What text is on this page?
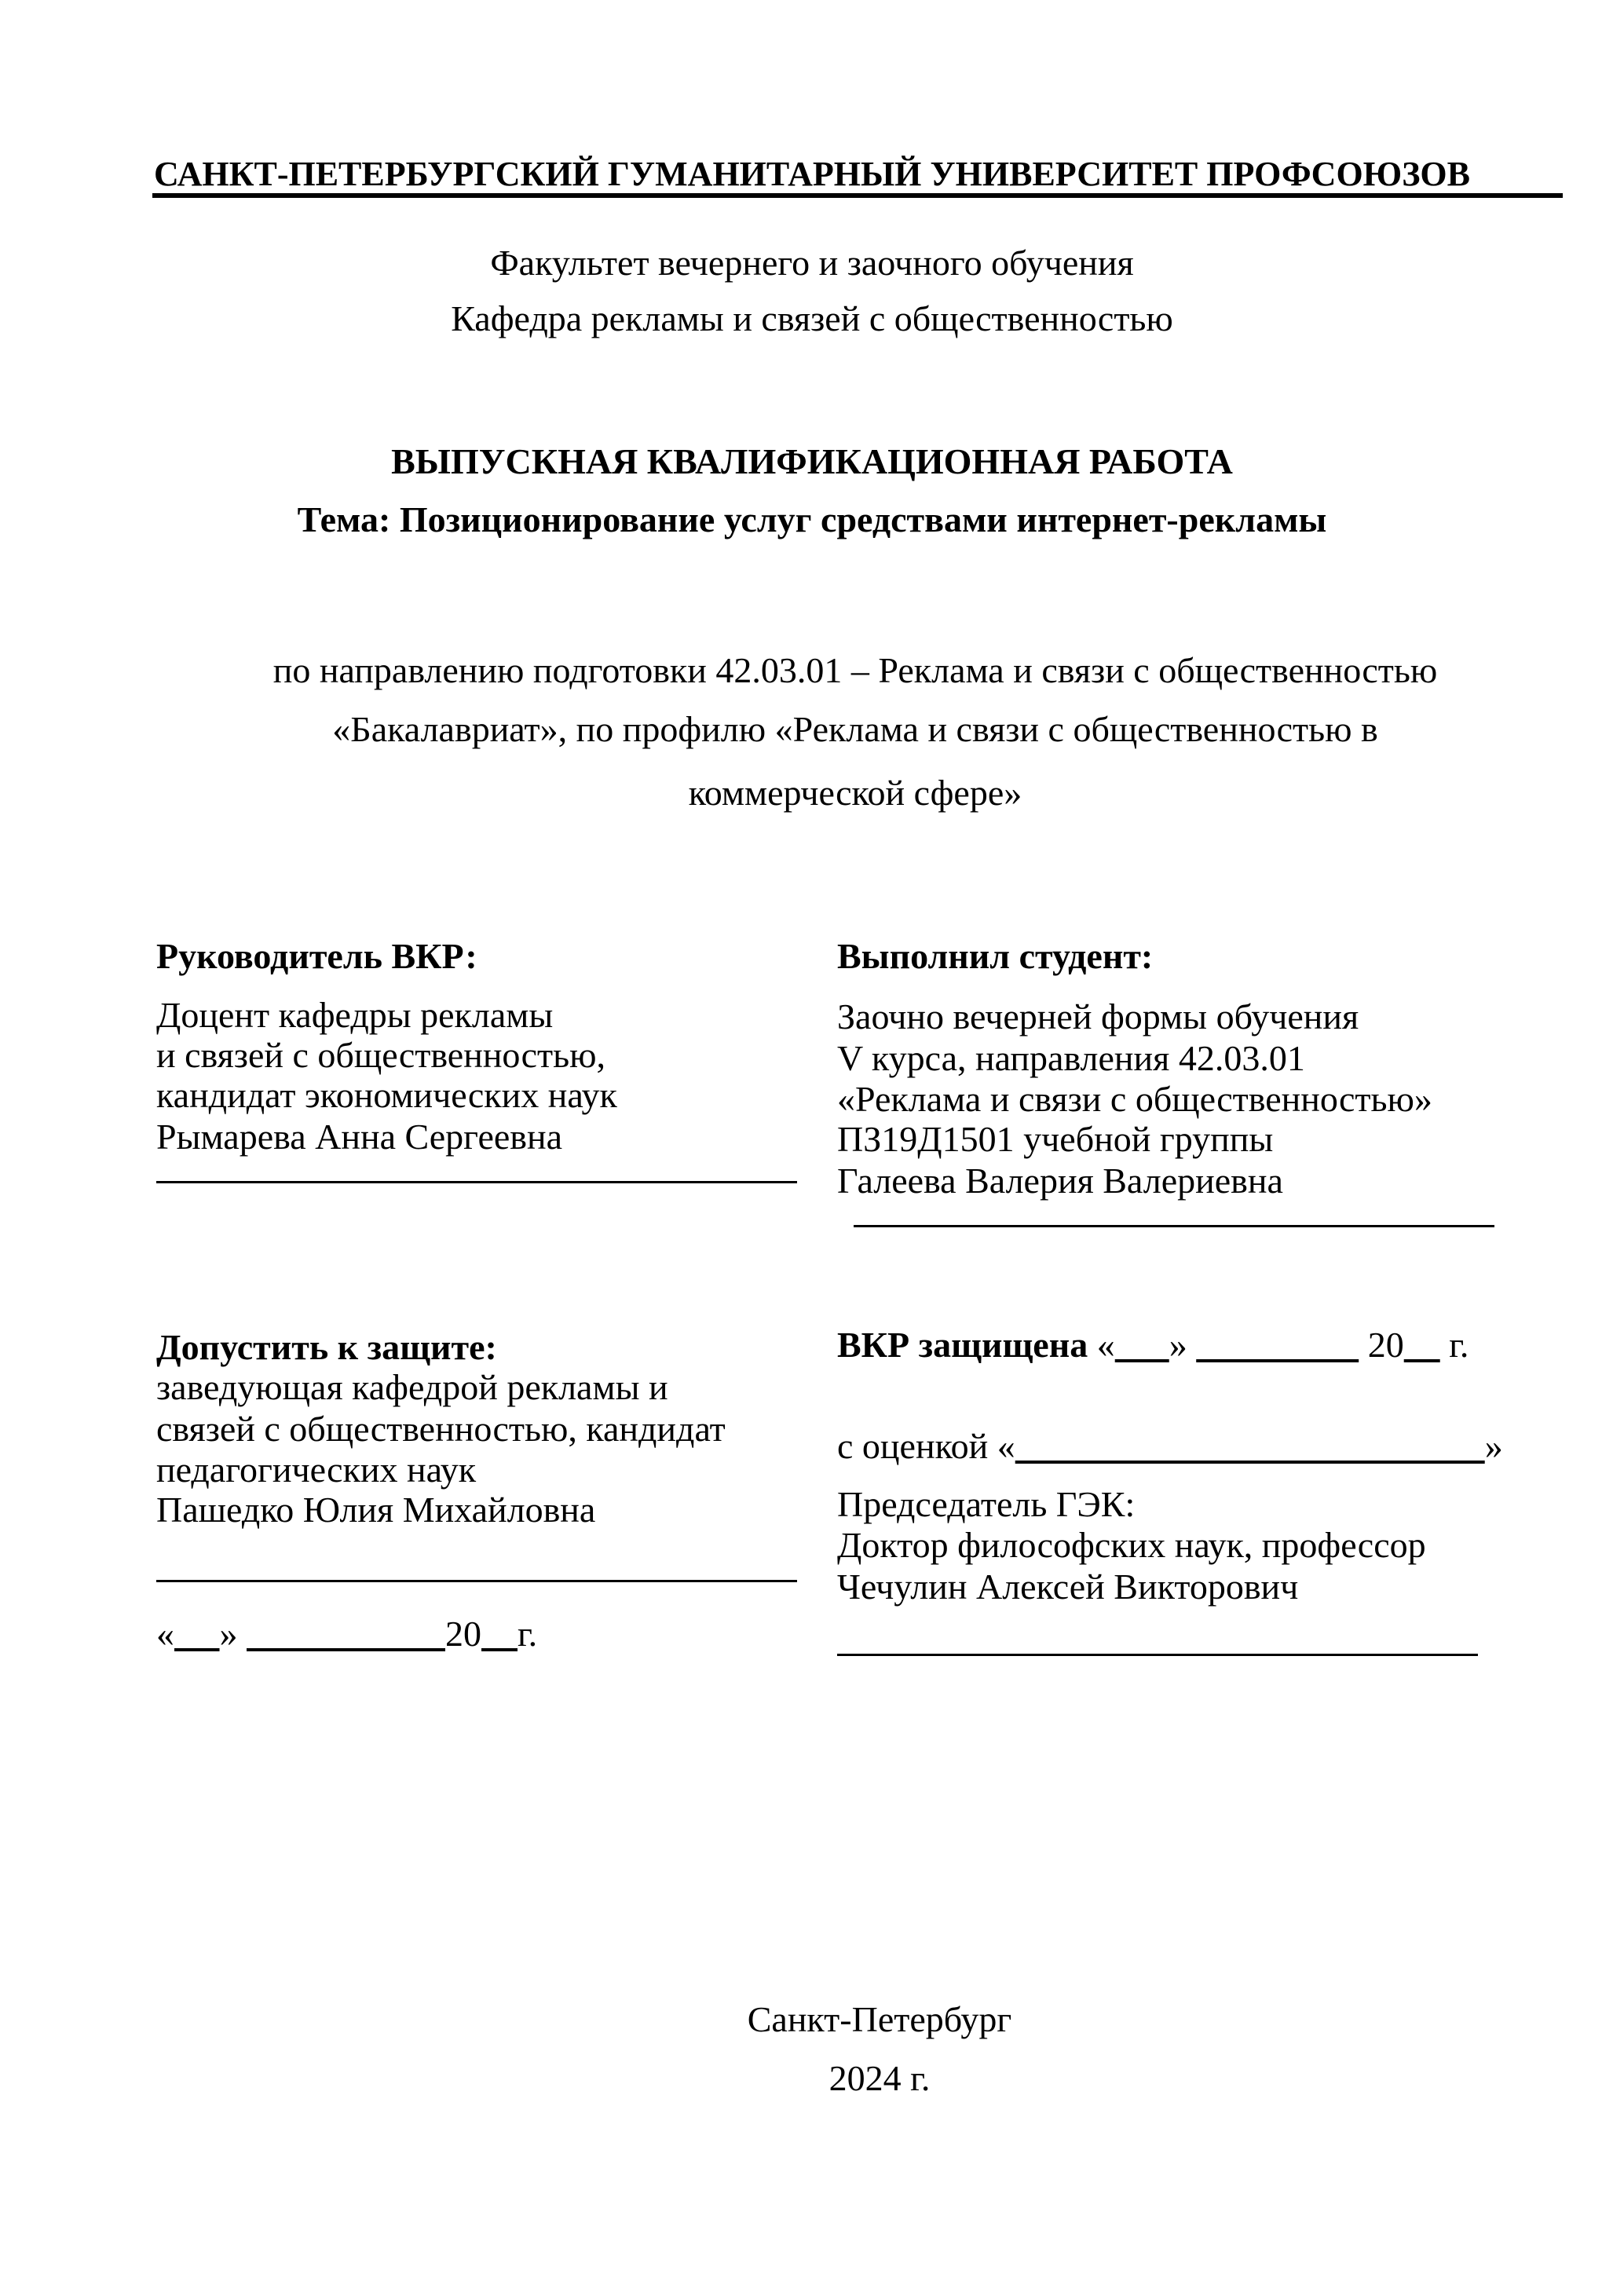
САНКТ-ПЕТЕРБУРГСКИЙ ГУМАНИТАРНЫЙ УНИВЕРСИТЕТ ПРОФСОЮЗОВ
Факультет вечернего и заочного обучения
Кафедра рекламы и связей с общественностью
ВЫПУСКНАЯ КВАЛИФИКАЦИОННАЯ РАБОТА
Тема: Позиционирование услуг средствами интернет-рекламы
по направлению подготовки 42.03.01 – Реклама и связи с общественностью
«Бакалавриат», по профилю «Реклама и связи с общественностью в
коммерческой сфере»
Руководитель ВКР:
Доцент кафедры рекламы
и связей с общественностью,
кандидат экономических наук
Рымарева Анна Сергеевна
Выполнил студент:
Заочно вечерней формы обучения
V курса, направления 42.03.01
«Реклама и связи с общественностью»
ПЗ19Д1501 учебной группы
Галеева Валерия Валериевна
Допустить к защите:
заведующая кафедрой рекламы и
связей с общественностью, кандидат
педагогических наук
Пашедко Юлия Михайловна
« »	20 г.
ВКР защищена « »	20 г.
с оценкой «	»
Председатель ГЭК:
Доктор философских наук, профессор
Чечулин Алексей Викторович
Санкт-Петербург
2024 г.
